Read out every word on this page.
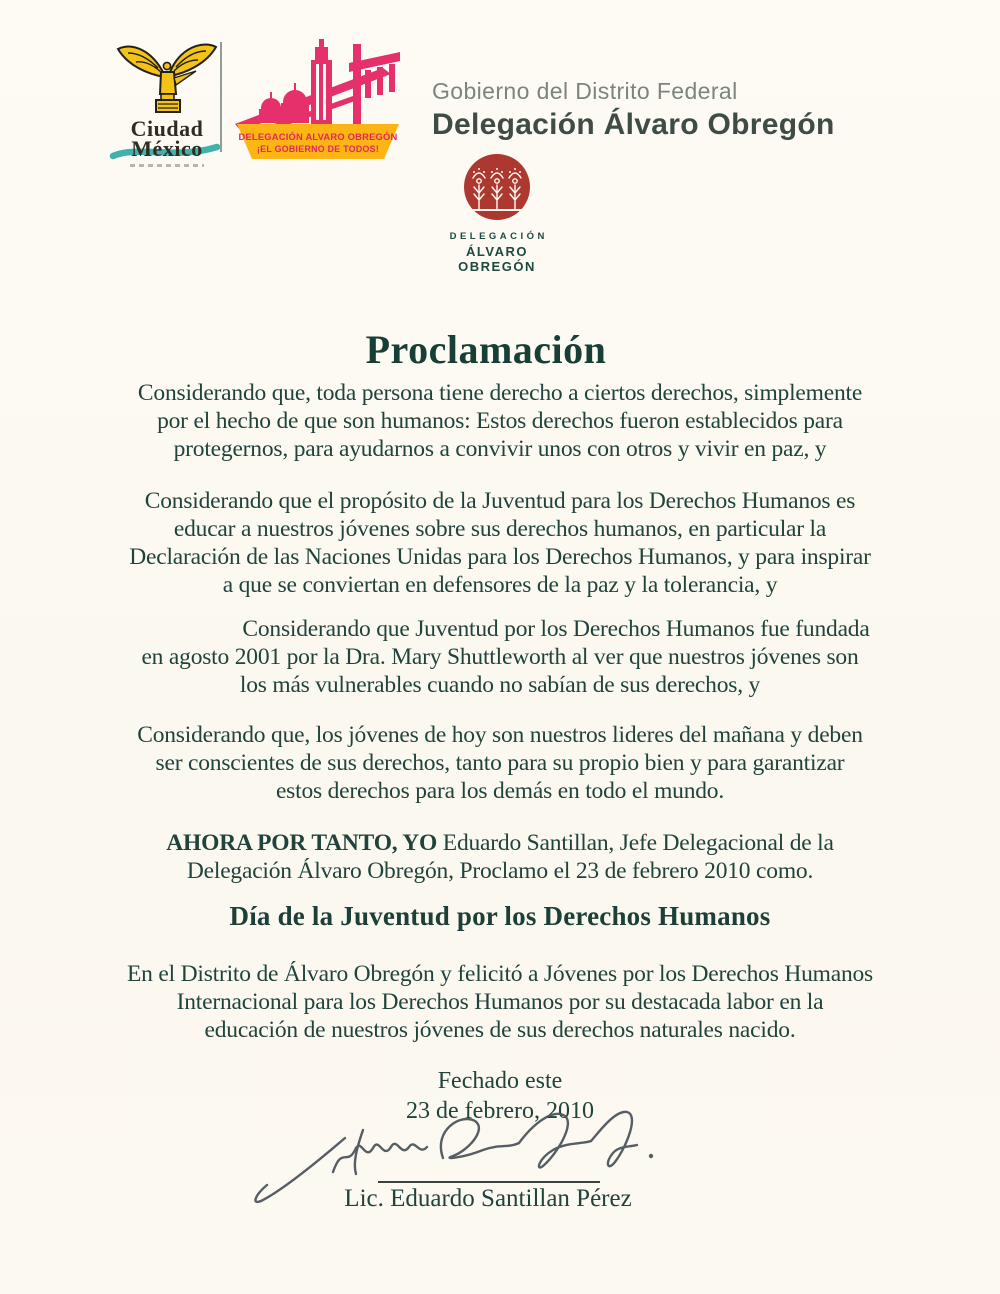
Ciudad
México	DELEGACIÓN ALVARO OBREGÓN
¡EL GOBIERNO DE TODOS!
Gobierno del Distrito Federal
Delegación Álvaro Obregón
DELEGACIÓN
ÁLVARO
OBREGÓN
Proclamación
Considerando que, toda persona tiene derecho a ciertos derechos, simplemente
por el hecho de que son humanos: Estos derechos fueron establecidos para
protegernos, para ayudarnos a convivir unos con otros y vivir en paz, y
Considerando que el propósito de la Juventud para los Derechos Humanos es
educar a nuestros jóvenes sobre sus derechos humanos, en particular la
Declaración de las Naciones Unidas para los Derechos Humanos, y para inspirar
a que se conviertan en defensores de la paz y la tolerancia, y
Considerando que Juventud por los Derechos Humanos fue fundada
en agosto 2001 por la Dra. Mary Shuttleworth al ver que nuestros jóvenes son
los más vulnerables cuando no sabían de sus derechos, y
Considerando que, los jóvenes de hoy son nuestros lideres del mañana y deben
ser conscientes de sus derechos, tanto para su propio bien y para garantizar
estos derechos para los demás en todo el mundo.
AHORA POR TANTO, YO Eduardo Santillan, Jefe Delegacional de la
Delegación Álvaro Obregón, Proclamo el 23 de febrero 2010 como.
Día de la Juventud por los Derechos Humanos
En el Distrito de Álvaro Obregón y felicitó a Jóvenes por los Derechos Humanos
Internacional para los Derechos Humanos por su destacada labor en la
educación de nuestros jóvenes de sus derechos naturales nacido.
Fechado este
23 de febrero, 2010
Lic. Eduardo Santillan Pérez
